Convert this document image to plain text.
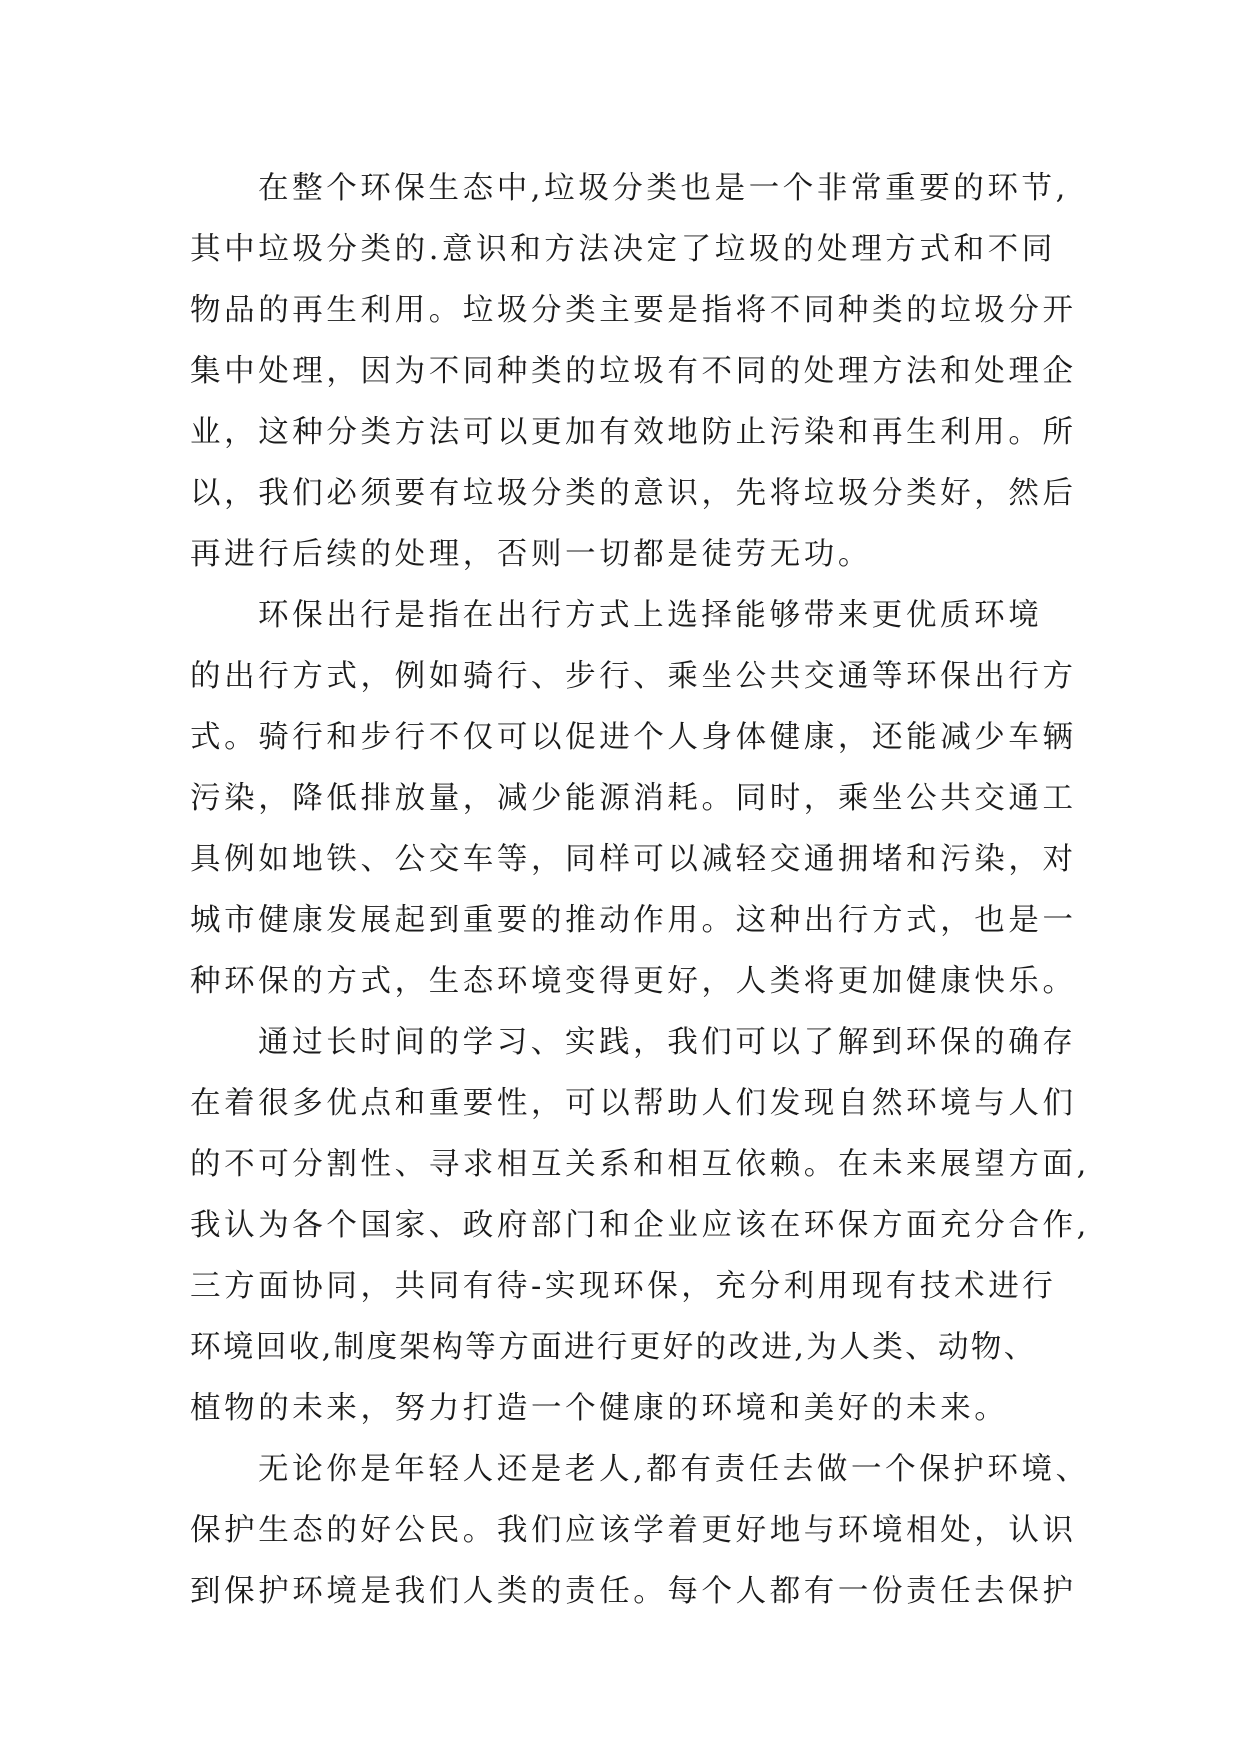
在整个环保生态中,垃圾分类也是一个非常重要的环节,
其中垃圾分类的.意识和方法决定了垃圾的处理方式和不同
物品的再生利用。垃圾分类主要是指将不同种类的垃圾分开
集中处理，因为不同种类的垃圾有不同的处理方法和处理企
业，这种分类方法可以更加有效地防止污染和再生利用。所
以，我们必须要有垃圾分类的意识，先将垃圾分类好，然后
再进行后续的处理，否则一切都是徒劳无功。
环保出行是指在出行方式上选择能够带来更优质环境
的出行方式，例如骑行、步行、乘坐公共交通等环保出行方
式。骑行和步行不仅可以促进个人身体健康，还能减少车辆
污染，降低排放量，减少能源消耗。同时，乘坐公共交通工
具例如地铁、公交车等，同样可以减轻交通拥堵和污染，对
城市健康发展起到重要的推动作用。这种出行方式，也是一
种环保的方式，生态环境变得更好，人类将更加健康快乐。
通过长时间的学习、实践，我们可以了解到环保的确存
在着很多优点和重要性，可以帮助人们发现自然环境与人们
的不可分割性、寻求相互关系和相互依赖。在未来展望方面,
我认为各个国家、政府部门和企业应该在环保方面充分合作,
三方面协同，共同有待-实现环保，充分利用现有技术进行
环境回收,制度架构等方面进行更好的改进,为人类、动物、
植物的未来，努力打造一个健康的环境和美好的未来。
无论你是年轻人还是老人,都有责任去做一个保护环境、
保护生态的好公民。我们应该学着更好地与环境相处，认识
到保护环境是我们人类的责任。每个人都有一份责任去保护
